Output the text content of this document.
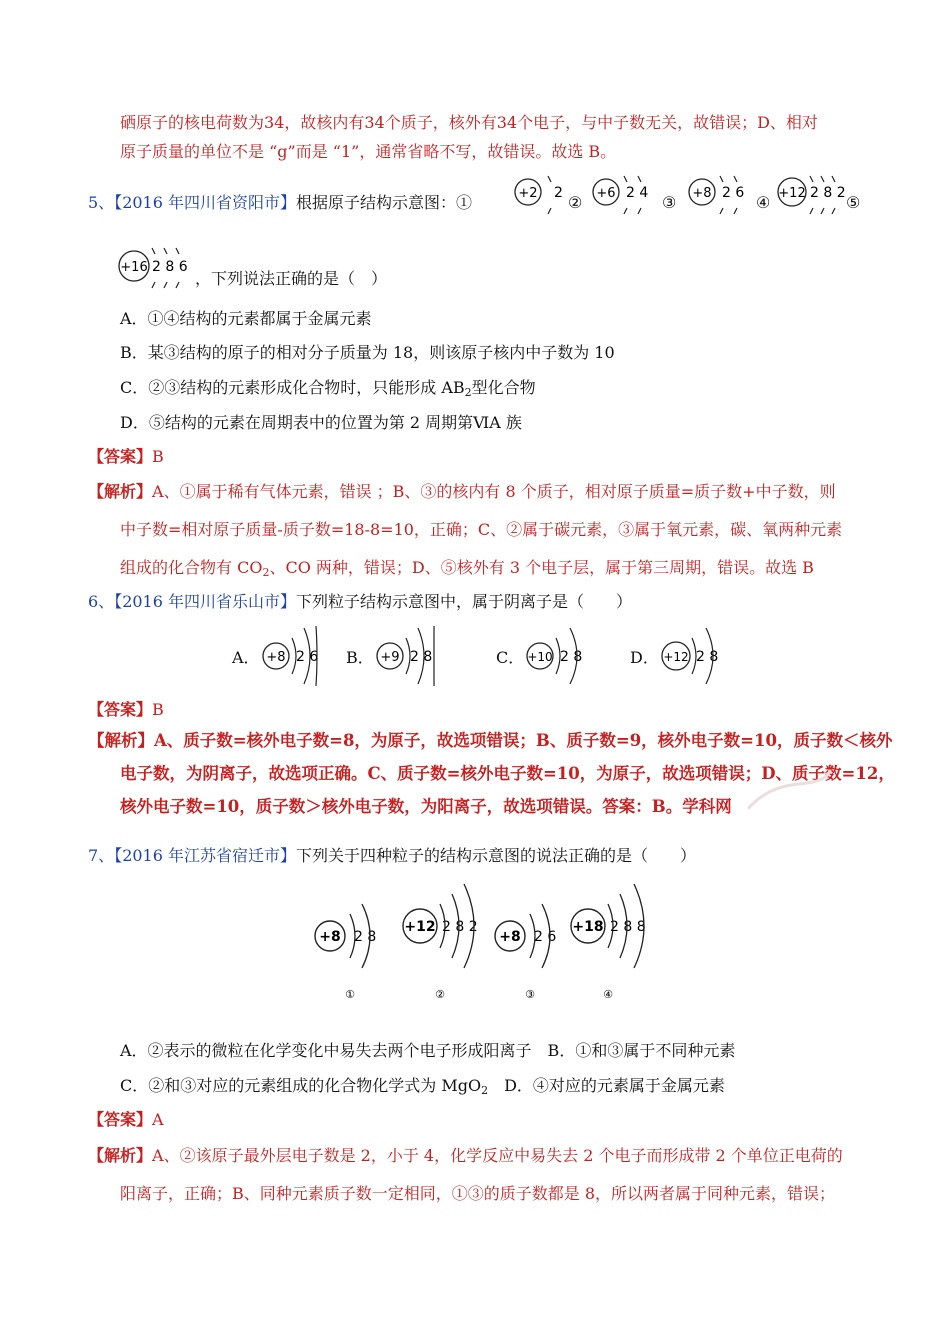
硒原子的核电荷数为34，故核内有34个质子，核外有34个电子，与中子数无关，故错误；D、相对
原子质量的单位不是 “g”而是 “1”，通常省略不写，故错误。故选 B。
5、【2016 年四川省资阳市】根据原子结构示意图：①	+2 2 ② +6 2 4 ③ +8 2 6 ④ +12 2 8 2 ⑤
+16 2 8 6
，下列说法正确的是（　）
A．①④结构的元素都属于金属元素
B．某③结构的原子的相对分子质量为 18，则该原子核内中子数为 10
C．②③结构的元素形成化合物时，只能形成 $AB_2$型化合物
D．⑤结构的元素在周期表中的位置为第 2 周期第ⅥA 族
【答案】B
【解析】A、①属于稀有气体元素，错误 ；B、③的核内有 8 个质子，相对原子质量=质子数+中子数，则
中子数=相对原子质量-质子数=18-8=10，正确；C、②属于碳元素，③属于氧元素，碳、氧两种元素
组成的化合物有 $CO_2$、CO 两种，错误；D、⑤核外有 3 个电子层，属于第三周期，错误。故选 B
6、【2016 年四川省乐山市】下列粒子结构示意图中，属于阴离子是（　　）
A． +8 2 6 B． +9 2 8	C． +10 2 8	D． +12 2 8
【答案】B
【解析】A、质子数=核外电子数=8，为原子，故选项错误；B、质子数=9，核外电子数=10，质子数＜核外
电子数，为阴离子，故选项正确。C、质子数=核外电子数=10，为原子，故选项错误；D、质子数=12，
核外电子数=10，质子数＞核外电子数，为阳离子，故选项错误。答案：B。学科网
7、【2016 年江苏省宿迁市】下列关于四种粒子的结构示意图的说法正确的是（　　）
+8 2 8
①
+12 2 8 2
②
+8 2 6
③
+18 2 8 8
④
A．②表示的微粒在化学变化中易失去两个电子形成阳离子　B．①和③属于不同种元素
C．②和③对应的元素组成的化合物化学式为 MgO$_2$　D．④对应的元素属于金属元素
【答案】A
【解析】A、②该原子最外层电子数是 2，小于 4，化学反应中易失去 2 个电子而形成带 2 个单位正电荷的
阳离子，正确；B、同种元素质子数一定相同，①③的质子数都是 8，所以两者属于同种元素，错误；
